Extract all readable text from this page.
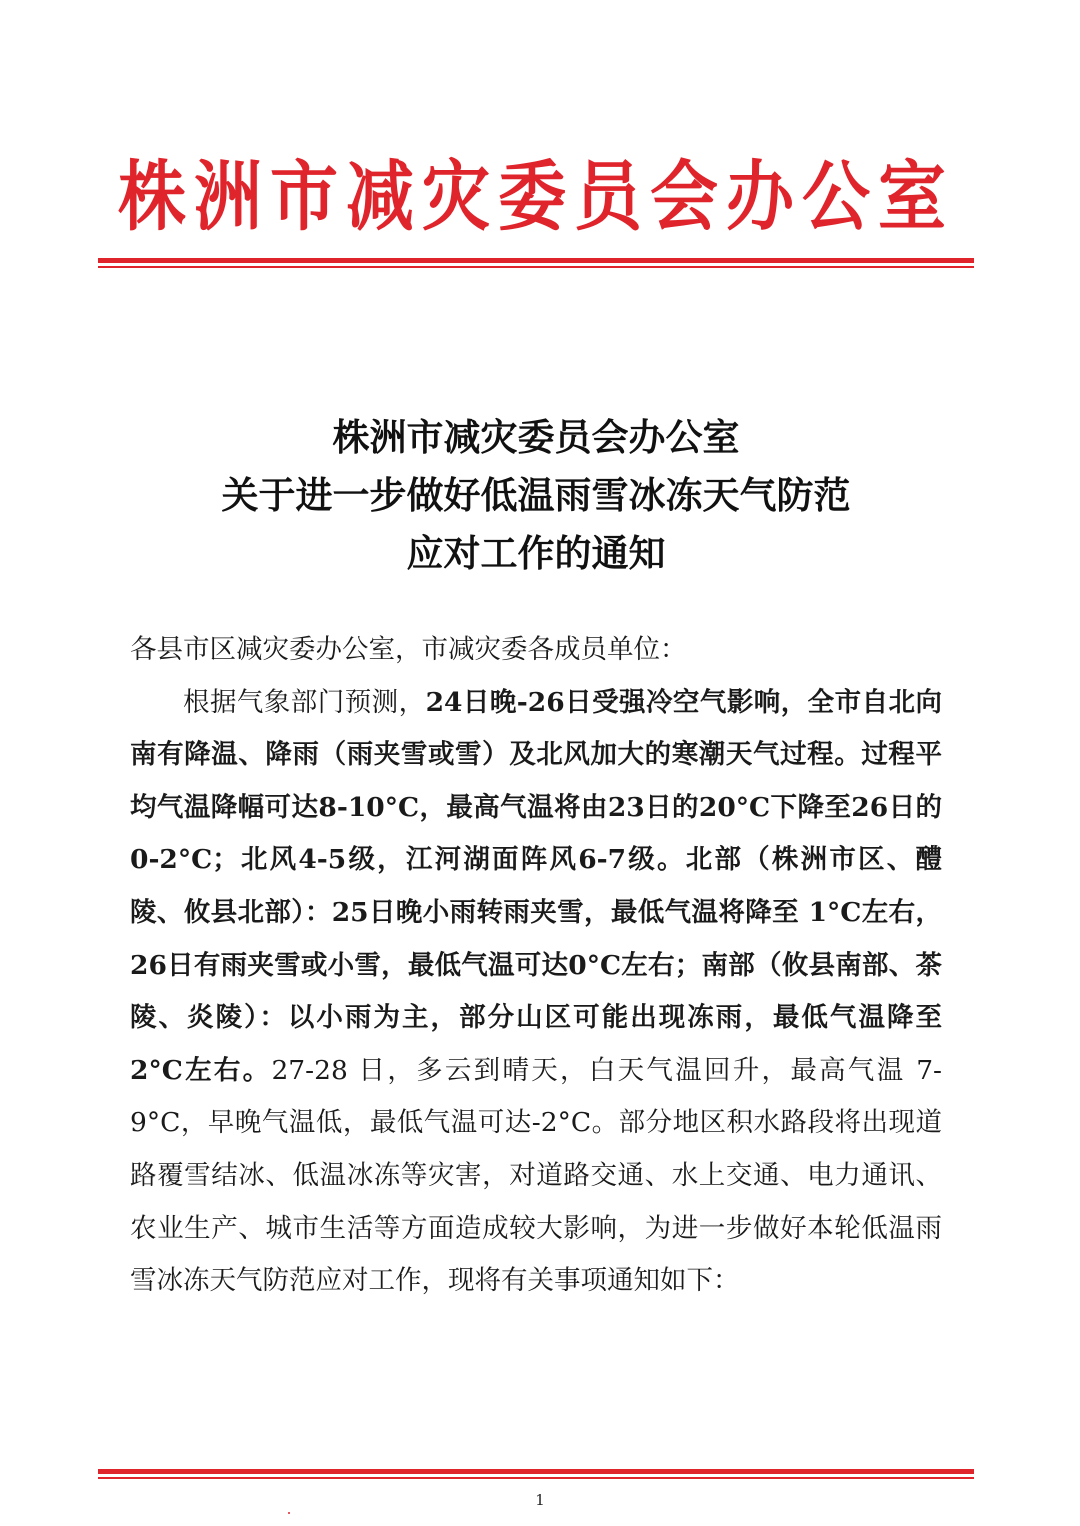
株洲市减灾委员会办公室
株洲市减灾委员会办公室
关于进一步做好低温雨雪冰冻天气防范
应对工作的通知

各县市区减灾委办公室，市减灾委各成员单位：

根据气象部门预测，24日晚-26日受强冷空气影响，全市自北向南有降温、降雨（雨夹雪或雪）及北风加大的寒潮天气过程。过程平均气温降幅可达8-10°C，最高气温将由23日的20°C下降至26日的0-2°C；北风4-5级，江河湖面阵风6-7级。北部（株洲市区、醴陵、攸县北部）：25日晚小雨转雨夹雪，最低气温将降至 1°C左右，26日有雨夹雪或小雪，最低气温可达0°C左右；南部（攸县南部、茶陵、炎陵）：以小雨为主，部分山区可能出现冻雨，最低气温降至 2°C左右。27-28 日，多云到晴天，白天气温回升，最高气温 7-9°C，早晚气温低，最低气温可达-2°C。部分地区积水路段将出现道路覆雪结冰、低温冰冻等灾害，对道路交通、水上交通、电力通讯、农业生产、城市生活等方面造成较大影响，为进一步做好本轮低温雨雪冰冻天气防范应对工作，现将有关事项通知如下：

1
